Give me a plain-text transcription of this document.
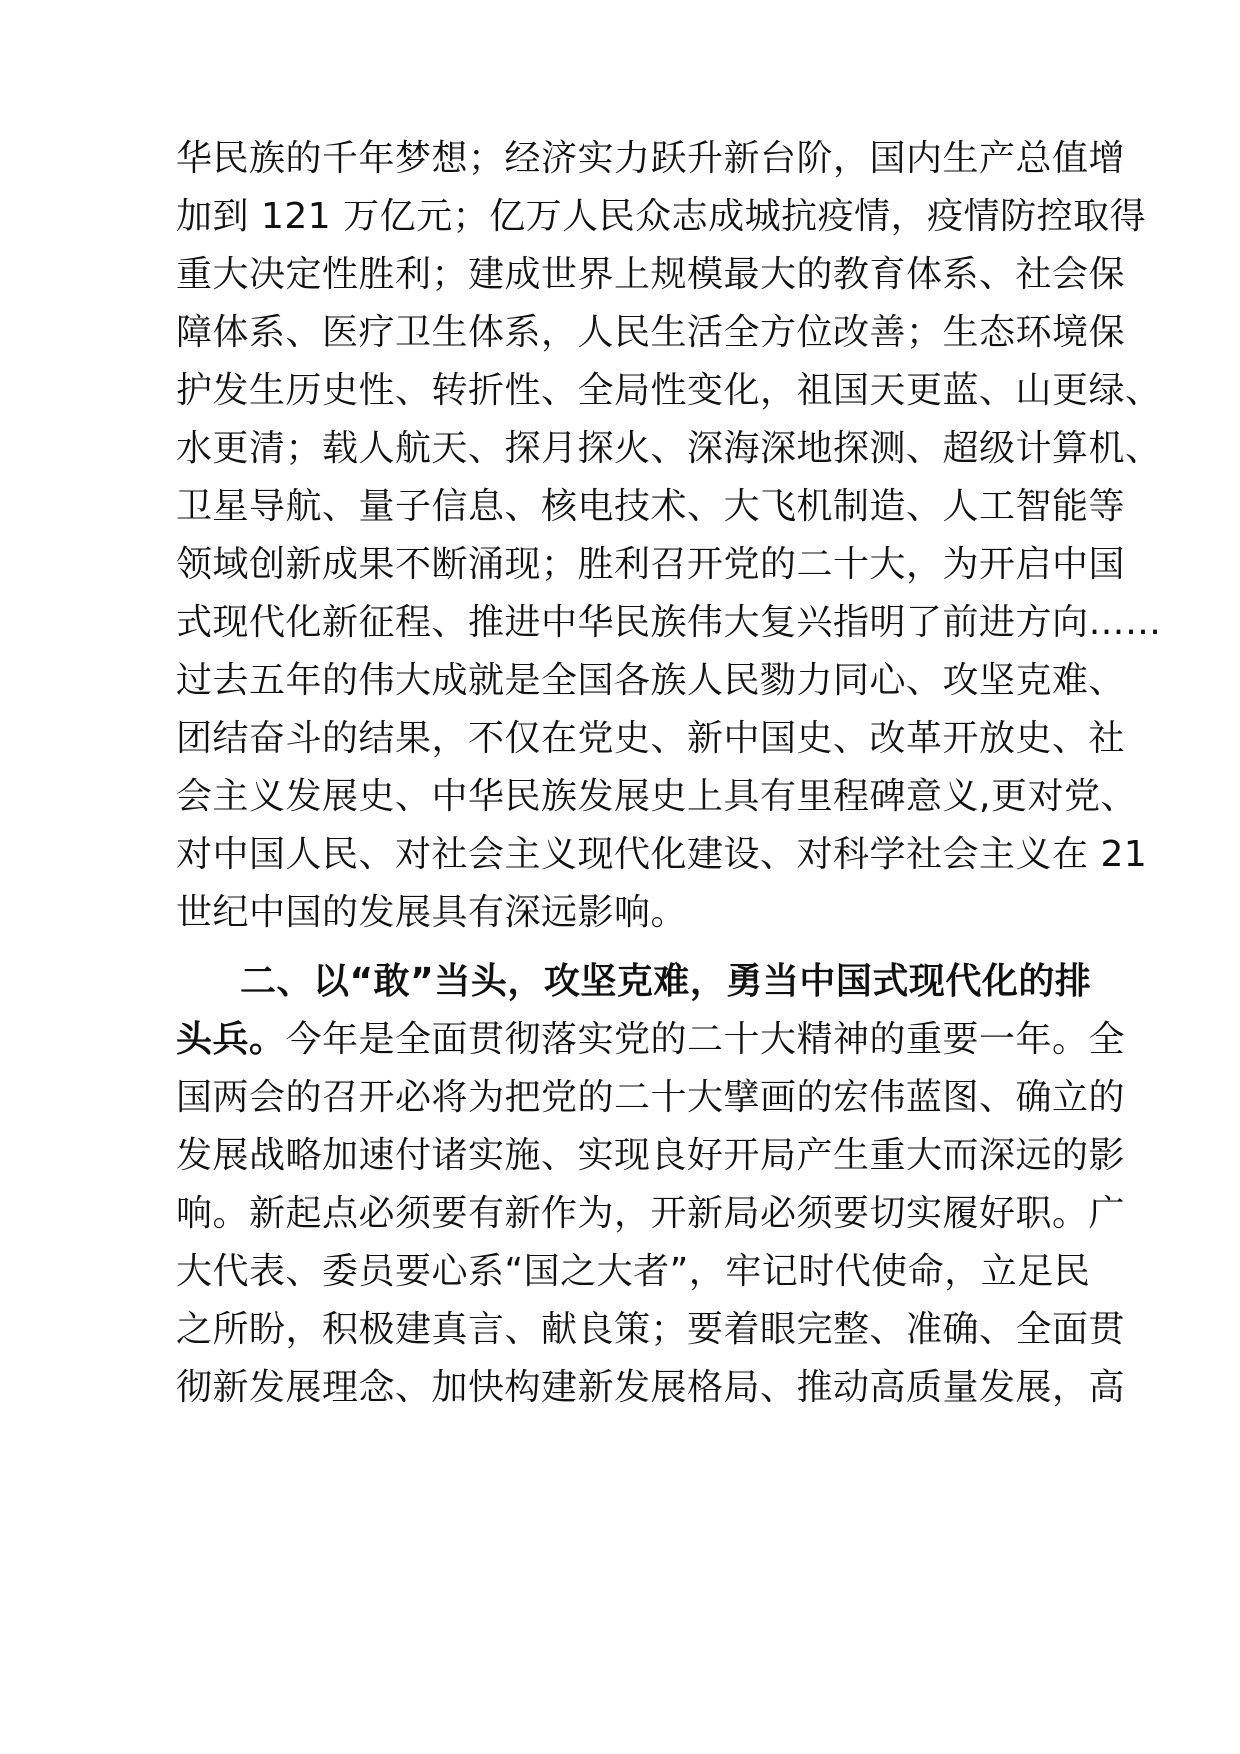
华民族的千年梦想；经济实力跃升新台阶，国内生产总值增
加到 121 万亿元；亿万人民众志成城抗疫情，疫情防控取得
重大决定性胜利；建成世界上规模最大的教育体系、社会保
障体系、医疗卫生体系，人民生活全方位改善；生态环境保
护发生历史性、转折性、全局性变化，祖国天更蓝、山更绿、
水更清；载人航天、探月探火、深海深地探测、超级计算机、
卫星导航、量子信息、核电技术、大飞机制造、人工智能等
领域创新成果不断涌现；胜利召开党的二十大，为开启中国
式现代化新征程、推进中华民族伟大复兴指明了前进方向……
过去五年的伟大成就是全国各族人民勠力同心、攻坚克难、
团结奋斗的结果，不仅在党史、新中国史、改革开放史、社
会主义发展史、中华民族发展史上具有里程碑意义,更对党、
对中国人民、对社会主义现代化建设、对科学社会主义在 21
世纪中国的发展具有深远影响。
二、以“敢”当头，攻坚克难，勇当中国式现代化的排
头兵。今年是全面贯彻落实党的二十大精神的重要一年。全
国两会的召开必将为把党的二十大擘画的宏伟蓝图、确立的
发展战略加速付诸实施、实现良好开局产生重大而深远的影
响。新起点必须要有新作为，开新局必须要切实履好职。广
大代表、委员要心系“国之大者”，牢记时代使命，立足民
之所盼，积极建真言、献良策；要着眼完整、准确、全面贯
彻新发展理念、加快构建新发展格局、推动高质量发展，高
